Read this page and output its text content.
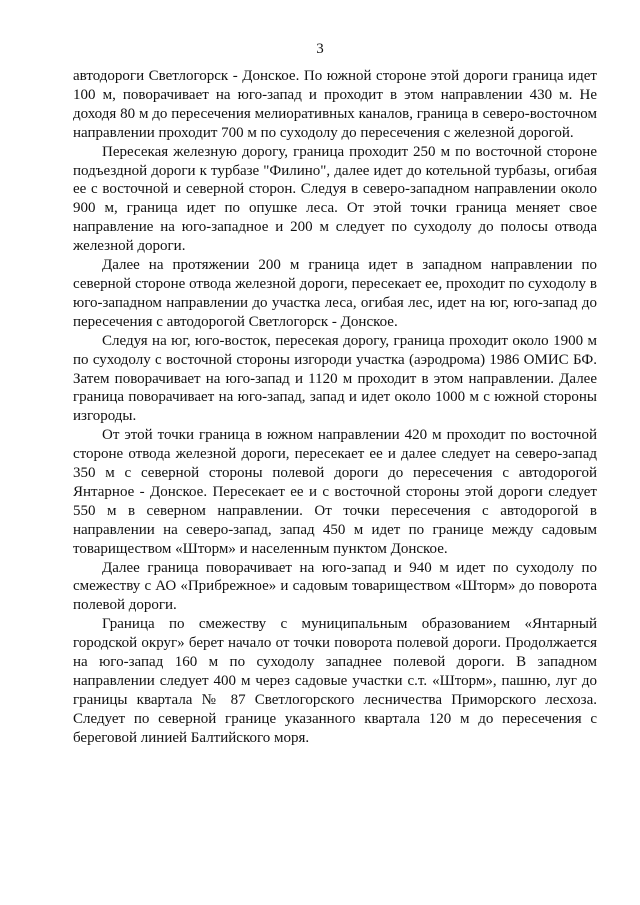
3

автодороги Светлогорск - Донское. По южной стороне этой дороги граница идет 100 м, поворачивает на юго-запад и проходит в этом направлении 430 м. Не доходя 80 м до пересечения мелиоративных каналов, граница в северо-восточном направлении проходит 700 м по суходолу до пересечения с железной дорогой.

Пересекая железную дорогу, граница проходит 250 м по восточной стороне подъездной дороги к турбазе "Филино", далее идет до котельной турбазы, огибая ее с восточной и северной сторон. Следуя в северо-западном направлении около 900 м, граница идет по опушке леса. От этой точки граница меняет свое направление на юго-западное и 200 м следует по суходолу до полосы отвода железной дороги.

Далее на протяжении 200 м граница идет в западном направлении по северной стороне отвода железной дороги, пересекает ее, проходит по суходолу в юго-западном направлении до участка леса, огибая лес, идет на юг, юго-запад до пересечения с автодорогой Светлогорск - Донское.

Следуя на юг, юго-восток, пересекая дорогу, граница проходит около 1900 м по суходолу с восточной стороны изгороди участка (аэродрома) 1986 ОМИС БФ. Затем поворачивает на юго-запад и 1120 м проходит в этом направлении. Далее граница поворачивает на юго-запад, запад и идет около 1000 м с южной стороны изгороды.

От этой точки граница в южном направлении 420 м проходит по восточной стороне отвода железной дороги, пересекает ее и далее следует на северо-запад 350 м с северной стороны полевой дороги до пересечения с автодорогой Янтарное - Донское. Пересекает ее и с восточной стороны этой дороги следует 550 м в северном направлении. От точки пересечения с автодорогой в направлении на северо-запад, запад 450 м идет по границе между садовым товариществом «Шторм» и населенным пунктом Донское.

Далее граница поворачивает на юго-запад и 940 м идет по суходолу по смежеству с АО «Прибрежное» и садовым товариществом «Шторм» до поворота полевой дороги.

Граница по смежеству с муниципальным образованием «Янтарный городской округ» берет начало от точки поворота полевой дороги. Продолжается на юго-запад 160 м по суходолу западнее полевой дороги. В западном направлении следует 400 м через садовые участки с.т. «Шторм», пашню, луг до границы квартала № 87 Светлогорского лесничества Приморского лесхоза. Следует по северной границе указанного квартала 120 м до пересечения с береговой линией Балтийского моря.
